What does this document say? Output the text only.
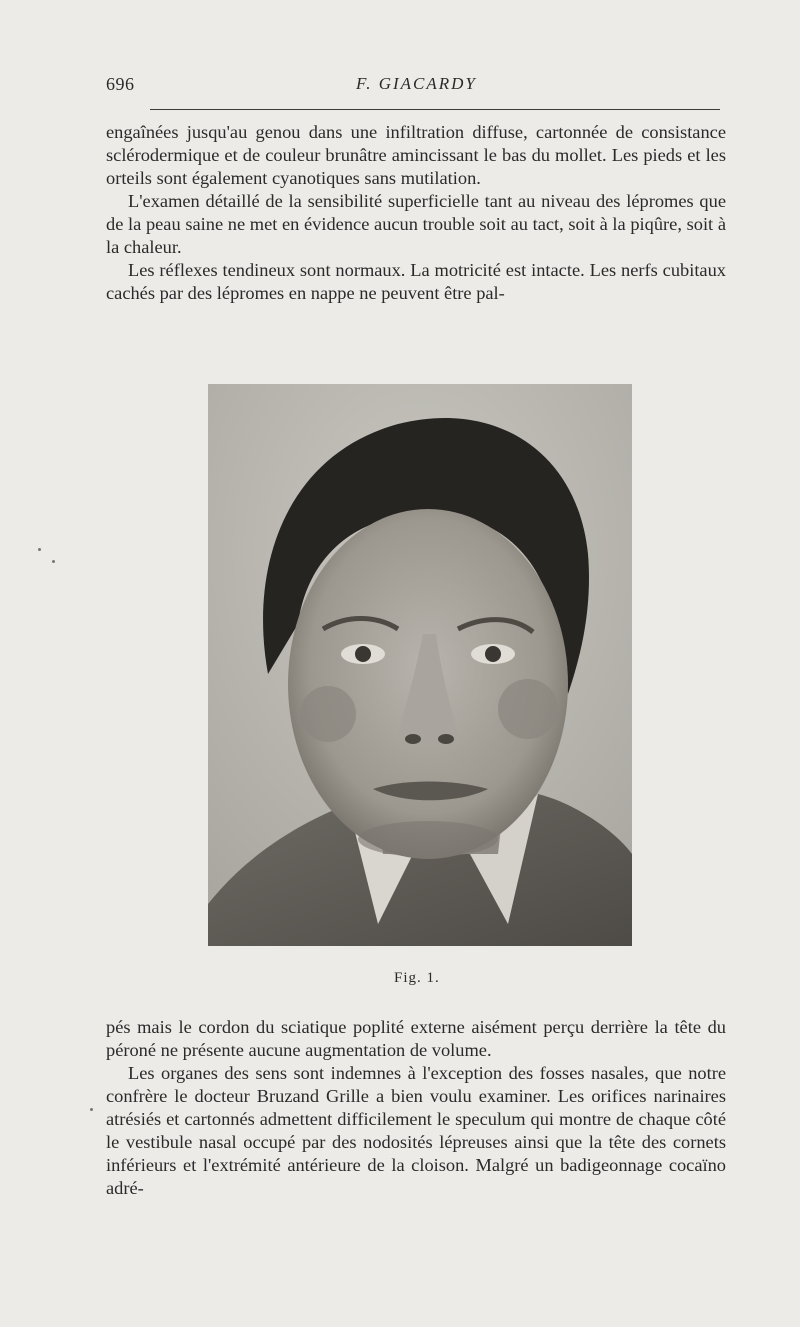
696	F. GIACARDY

engaînées jusqu'au genou dans une infiltration diffuse, cartonnée de consistance sclérodermique et de couleur brunâtre amincissant le bas du mollet. Les pieds et les orteils sont également cyanotiques sans mutilation.

L'examen détaillé de la sensibilité superficielle tant au niveau des lépromes que de la peau saine ne met en évidence aucun trouble soit au tact, soit à la piqûre, soit à la chaleur.

Les réflexes tendineux sont normaux. La motricité est intacte. Les nerfs cubitaux cachés par des lépromes en nappe ne peuvent être pal-

Fig. 1.

pés mais le cordon du sciatique poplité externe aisément perçu derrière la tête du péroné ne présente aucune augmentation de volume.

Les organes des sens sont indemnes à l'exception des fosses nasales, que notre confrère le docteur Bruzand Grille a bien voulu examiner. Les orifices narinaires atrésiés et cartonnés admettent difficilement le speculum qui montre de chaque côté le vestibule nasal occupé par des nodosités lépreuses ainsi que la tête des cornets inférieurs et l'extrémité antérieure de la cloison. Malgré un badigeonnage cocaïno adré-
